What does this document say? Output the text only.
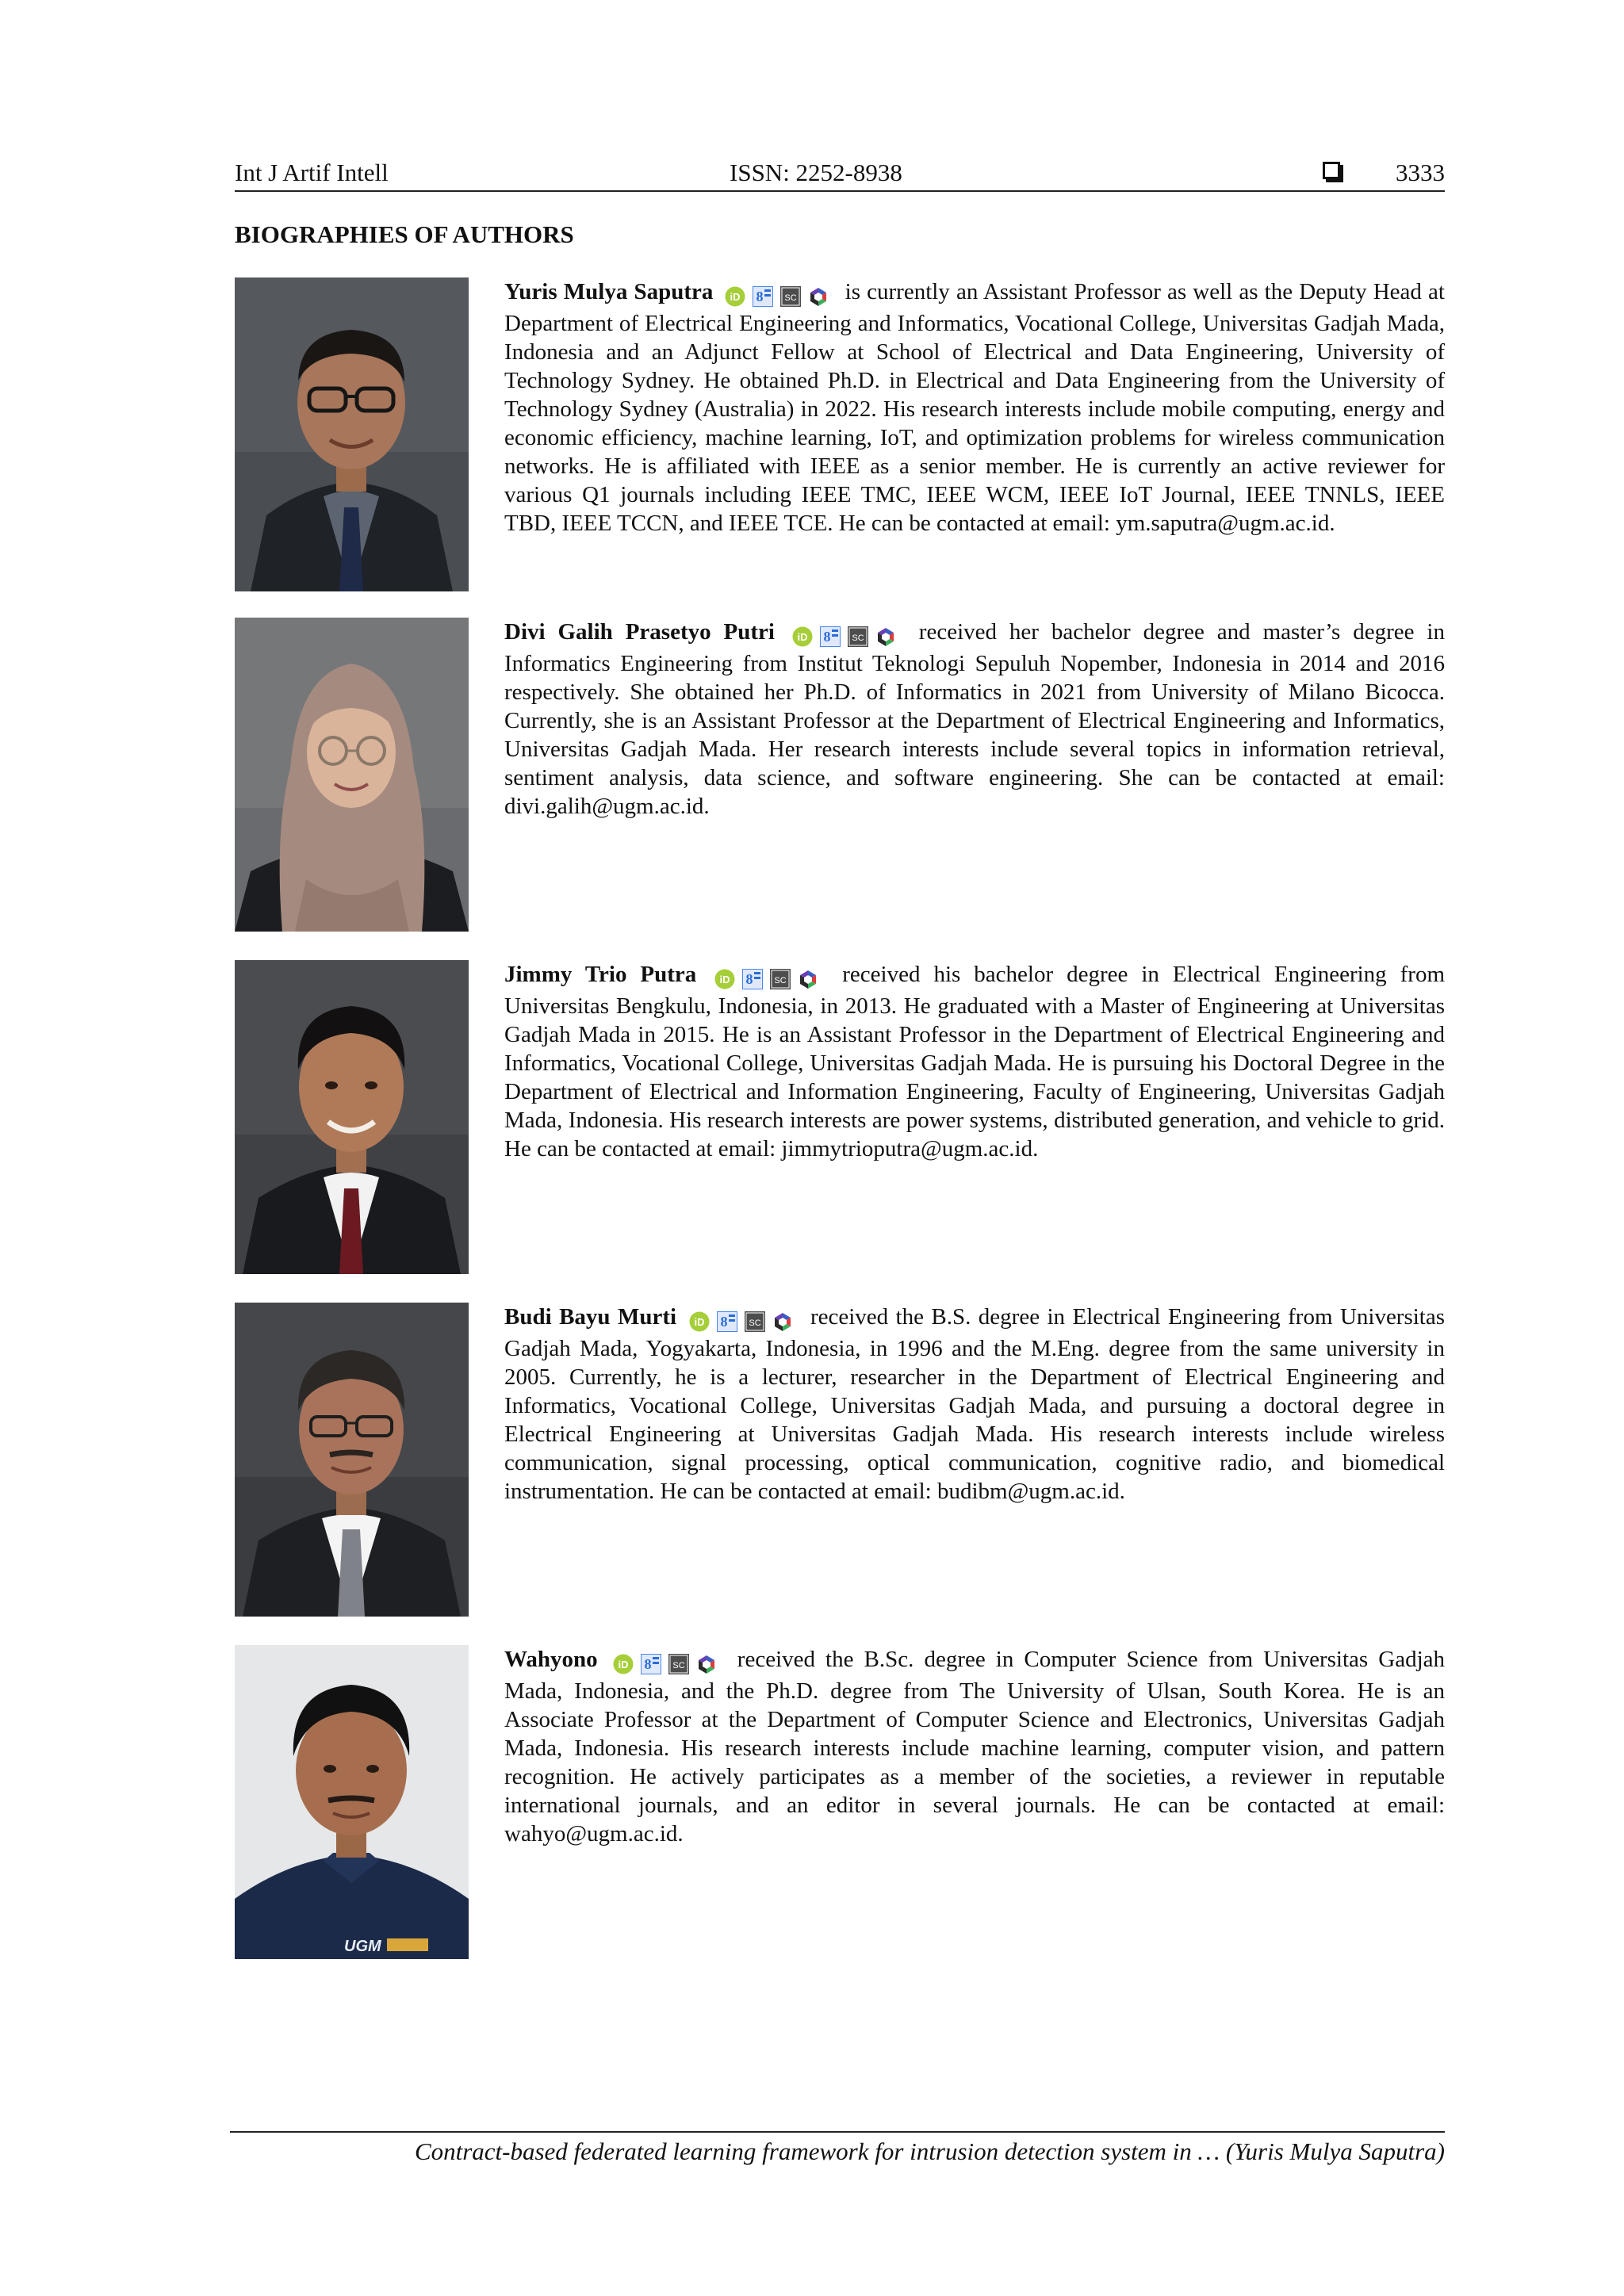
Int J Artif Intell	ISSN: 2252-8938	3333
BIOGRAPHIES OF AUTHORS

Yuris Mulya Saputra	is currently an Assistant Professor as well as the Deputy Head at Department of Electrical Engineering and Informatics, Vocational College, Universitas Gadjah Mada, Indonesia and an Adjunct Fellow at School of Electrical and Data Engineering, University of Technology Sydney. He obtained Ph.D. in Electrical and Data Engineering from the University of Technology Sydney (Australia) in 2022. His research interests include mobile computing, energy and economic efficiency, machine learning, IoT, and optimization problems for wireless communication networks. He is affiliated with IEEE as a senior member. He is currently an active reviewer for various Q1 journals including IEEE TMC, IEEE WCM, IEEE IoT Journal, IEEE TNNLS, IEEE TBD, IEEE TCCN, and IEEE TCE. He can be contacted at email: ym.saputra@ugm.ac.id.

Divi Galih Prasetyo Putri	received her bachelor degree and master’s degree in Informatics Engineering from Institut Teknologi Sepuluh Nopember, Indonesia in 2014 and 2016 respectively. She obtained her Ph.D. of Informatics in 2021 from University of Milano Bicocca. Currently, she is an Assistant Professor at the Department of Electrical Engineering and Informatics, Universitas Gadjah Mada. Her research interests include several topics in information retrieval, sentiment analysis, data science, and software engineering. She can be contacted at email: divi.galih@ugm.ac.id.

Jimmy Trio Putra	received his bachelor degree in Electrical Engineering from Universitas Bengkulu, Indonesia, in 2013. He graduated with a Master of Engineering at Universitas Gadjah Mada in 2015. He is an Assistant Professor in the Department of Electrical Engineering and Informatics, Vocational College, Universitas Gadjah Mada. He is pursuing his Doctoral Degree in the Department of Electrical and Information Engineering, Faculty of Engineering, Universitas Gadjah Mada, Indonesia. His research interests are power systems, distributed generation, and vehicle to grid. He can be contacted at email: jimmytrioputra@ugm.ac.id.

Budi Bayu Murti	received the B.S. degree in Electrical Engineering from Universitas Gadjah Mada, Yogyakarta, Indonesia, in 1996 and the M.Eng. degree from the same university in 2005. Currently, he is a lecturer, researcher in the Department of Electrical Engineering and Informatics, Vocational College, Universitas Gadjah Mada, and pursuing a doctoral degree in Electrical Engineering at Universitas Gadjah Mada. His research interests include wireless communication, signal processing, optical communication, cognitive radio, and biomedical instrumentation. He can be contacted at email: budibm@ugm.ac.id.

UGM

Wahyono	received the B.Sc. degree in Computer Science from Universitas Gadjah Mada, Indonesia, and the Ph.D. degree from The University of Ulsan, South Korea. He is an Associate Professor at the Department of Computer Science and Electronics, Universitas Gadjah Mada, Indonesia. His research interests include machine learning, computer vision, and pattern recognition. He actively participates as a member of the societies, a reviewer in reputable international journals, and an editor in several journals. He can be contacted at email: wahyo@ugm.ac.id.

Contract-based federated learning framework for intrusion detection system in … (Yuris Mulya Saputra)
